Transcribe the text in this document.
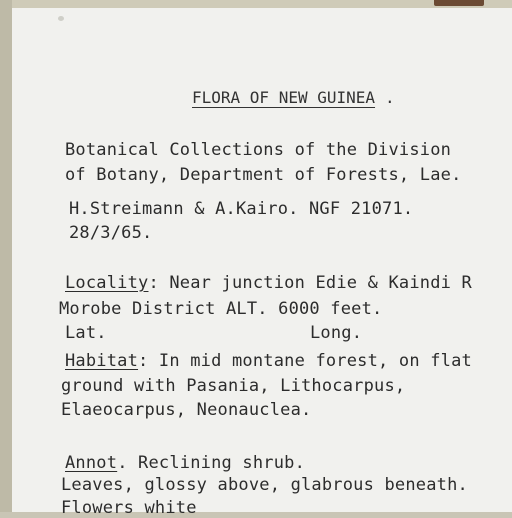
FLORA OF NEW GUINEA .
Botanical Collections of the Division
of Botany, Department of Forests, Lae.
H.Streimann & A.Kairo. NGF 21071.
28/3/65.
Locality: Near junction Edie & Kaindi R
Morobe District ALT. 6000 feet.
Lat.	Long.
Habitat: In mid montane forest, on flat
ground with Pasania, Lithocarpus,
Elaeocarpus, Neonauclea.
Annot. Reclining shrub.
Leaves, glossy above, glabrous beneath.
Flowers white
